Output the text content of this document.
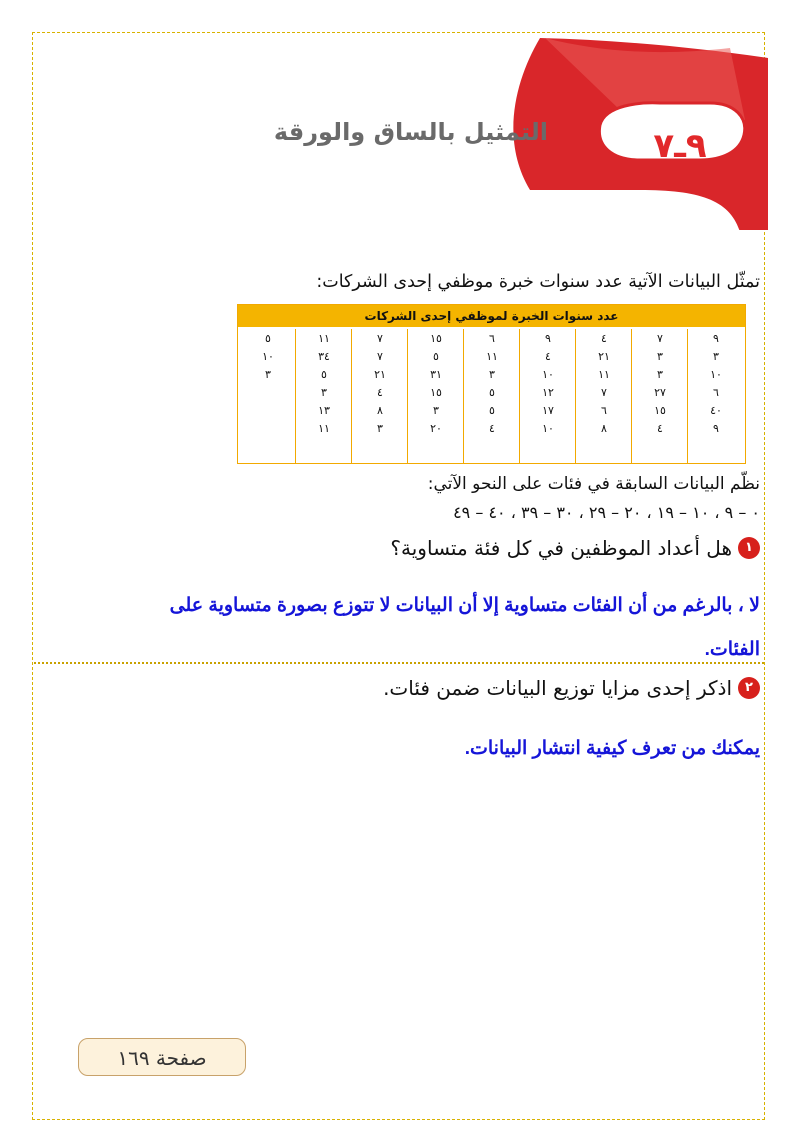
٩ـ٧
التمثيل بالساق والورقة
تمثّل البيانات الآتية عدد سنوات خبرة موظفي إحدى الشركات:
عدد سنوات الخبرة لموظفي إحدى الشركات
٩
٣
١٠
٦
٤٠
٩
٧
٣
٣
٢٧
١٥
٤
٤
٢١
١١
٧
٦
٨
٩
٤
١٠
١٢
١٧
١٠
٦
١١
٣
٥
٥
٤
١٥
٥
٣١
١٥
٣
٢٠
٧
٧
٢١
٤
٨
٣
١١
٣٤
٥
٣
١٣
١١
٥
١٠
٣
نظّم البيانات السابقة في فئات على النحو الآتي:
٠ – ٩ ، ١٠ – ١٩ ، ٢٠ – ٢٩ ، ٣٠ – ٣٩ ، ٤٠ – ٤٩
١
هل أعداد الموظفين في كل فئة متساوية؟
لا ، بالرغم من أن الفئات متساوية إلا أن البيانات لا تتوزع بصورة متساوية على
الفئات.
٢
اذكر إحدى مزايا توزيع البيانات ضمن فئات.
يمكنك من تعرف كيفية انتشار البيانات.
صفحة ١٦٩
